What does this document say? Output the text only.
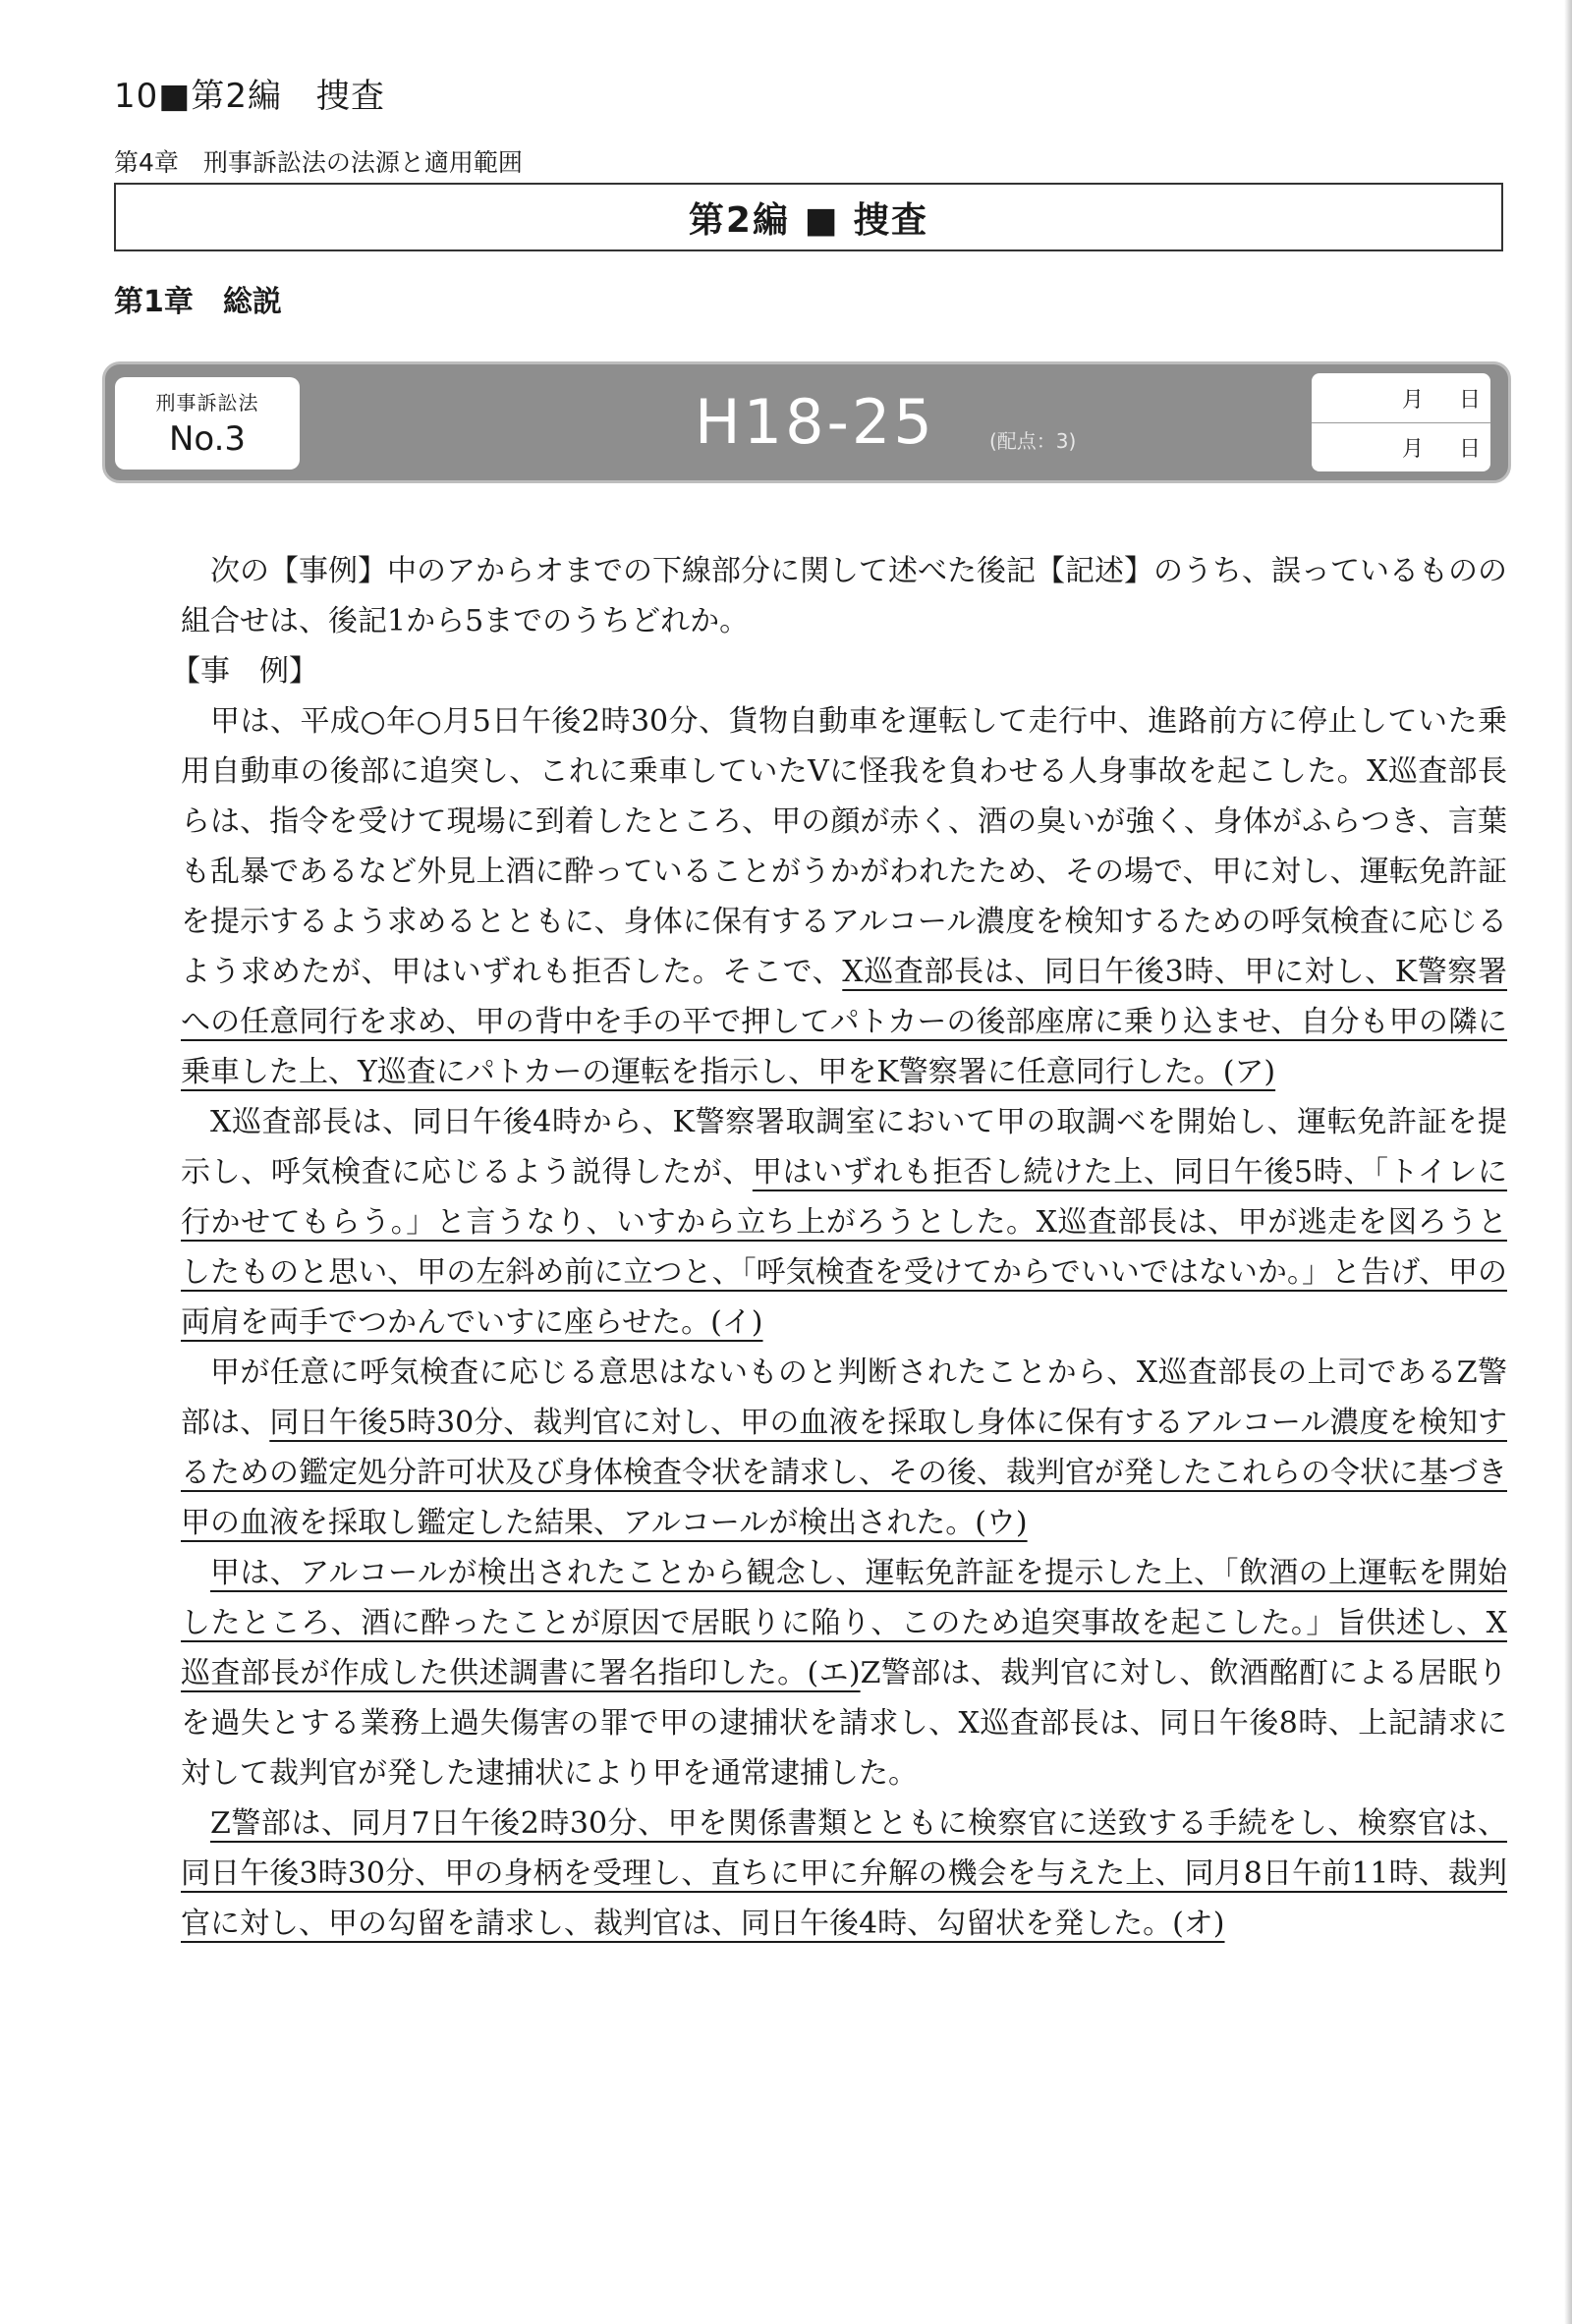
10■第2編　捜査
第4章　刑事訴訟法の法源と適用範囲
第2編 ■ 捜査
第1章　総説
刑事訴訟法
No.3	H18-25	(配点：3)
月 日
月 日

次の【事例】中のアからオまでの下線部分に関して述べた後記【記述】のうち、誤っているものの組合せは、後記1から5までのうちどれか。

【事　例】

甲は、平成○年○月5日午後2時30分、貨物自動車を運転して走行中、進路前方に停止していた乗用自動車の後部に追突し、これに乗車していたVに怪我を負わせる人身事故を起こした。X巡査部長らは、指令を受けて現場に到着したところ、甲の顔が赤く、酒の臭いが強く、身体がふらつき、言葉も乱暴であるなど外見上酒に酔っていることがうかがわれたため、その場で、甲に対し、運転免許証を提示するよう求めるとともに、身体に保有するアルコール濃度を検知するための呼気検査に応じるよう求めたが、甲はいずれも拒否した。そこで、X巡査部長は、同日午後3時、甲に対し、K警察署への任意同行を求め、甲の背中を手の平で押してパトカーの後部座席に乗り込ませ、自分も甲の隣に乗車した上、Y巡査にパトカーの運転を指示し、甲をK警察署に任意同行した。(ア)

X巡査部長は、同日午後4時から、K警察署取調室において甲の取調べを開始し、運転免許証を提示し、呼気検査に応じるよう説得したが、甲はいずれも拒否し続けた上、同日午後5時、「トイレに行かせてもらう。」と言うなり、いすから立ち上がろうとした。X巡査部長は、甲が逃走を図ろうとしたものと思い、甲の左斜め前に立つと、「呼気検査を受けてからでいいではないか。」と告げ、甲の両肩を両手でつかんでいすに座らせた。(イ)

甲が任意に呼気検査に応じる意思はないものと判断されたことから、X巡査部長の上司であるZ警部は、同日午後5時30分、裁判官に対し、甲の血液を採取し身体に保有するアルコール濃度を検知するための鑑定処分許可状及び身体検査令状を請求し、その後、裁判官が発したこれらの令状に基づき甲の血液を採取し鑑定した結果、アルコールが検出された。(ウ)

甲は、アルコールが検出されたことから観念し、運転免許証を提示した上、「飲酒の上運転を開始したところ、酒に酔ったことが原因で居眠りに陥り、このため追突事故を起こした。」旨供述し、X巡査部長が作成した供述調書に署名指印した。(エ)Z警部は、裁判官に対し、飲酒酩酊による居眠りを過失とする業務上過失傷害の罪で甲の逮捕状を請求し、X巡査部長は、同日午後8時、上記請求に対して裁判官が発した逮捕状により甲を通常逮捕した。

Z警部は、同月7日午後2時30分、甲を関係書類とともに検察官に送致する手続をし、検察官は、同日午後3時30分、甲の身柄を受理し、直ちに甲に弁解の機会を与えた上、同月8日午前11時、裁判官に対し、甲の勾留を請求し、裁判官は、同日午後4時、勾留状を発した。(オ)
